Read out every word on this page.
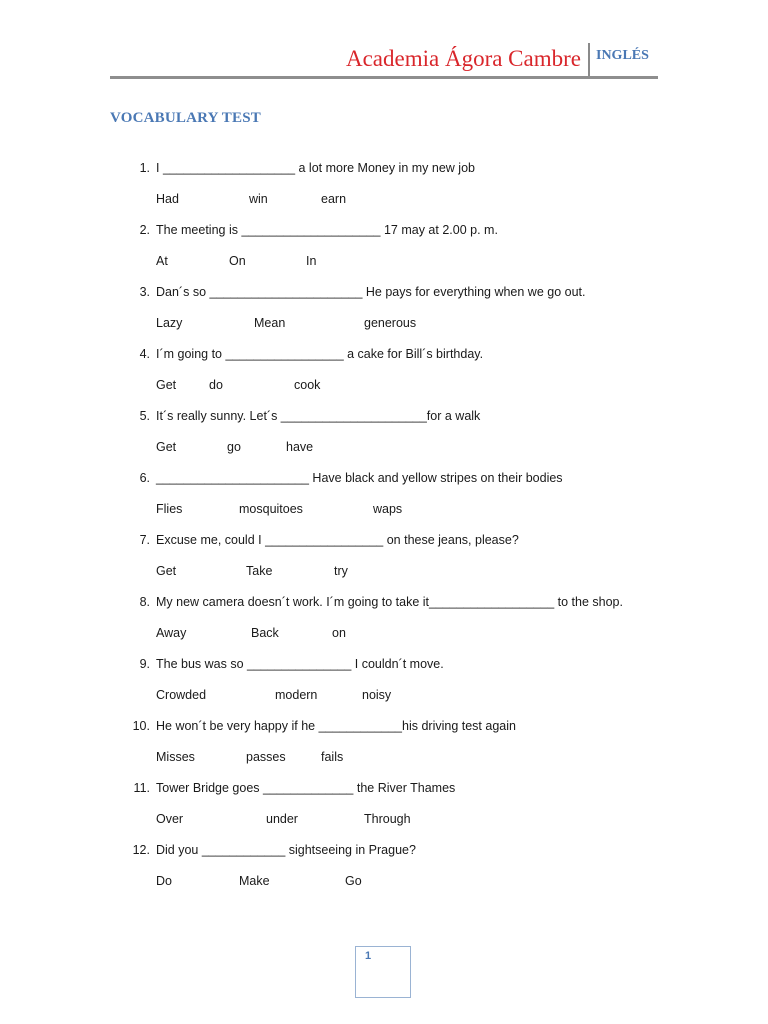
Academia Ágora Cambre INGLÉS
VOCABULARY TEST
1. I ___________________ a lot more Money in my new job
Had	win	earn
2. The meeting is ____________________ 17 may at 2.00 p. m.
At	On	In
3. Dan´s so ______________________ He pays for everything when we go out.
Lazy	Mean	generous
4. I´m going to _________________ a cake for Bill´s birthday.
Get	do	cook
5. It´s really sunny. Let´s _____________________for a walk
Get	go	have
6. ______________________ Have black and yellow stripes on their bodies
Flies	mosquitoes	waps
7. Excuse me, could I _________________ on these jeans, please?
Get	Take	try
8. My new camera doesn´t work. I´m going to take it__________________ to the shop.
Away	Back	on
9. The bus was so _______________ I couldn´t move.
Crowded	modern	noisy
10. He won´t be very happy if he ____________his driving test again
Misses	passes	fails
11. Tower Bridge goes _____________ the River Thames
Over	under	Through
12. Did you ____________ sightseeing in Prague?
Do	Make	Go
1
